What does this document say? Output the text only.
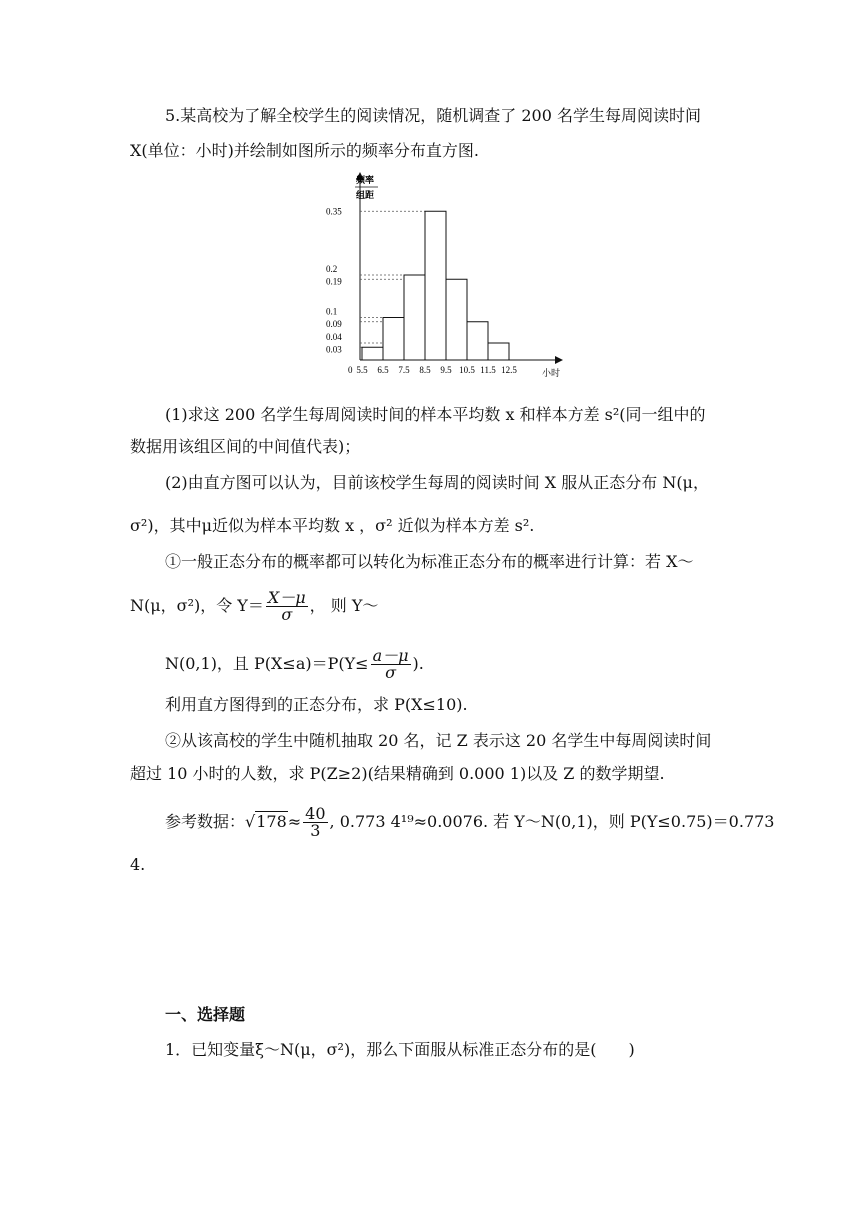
5.某高校为了解全校学生的阅读情况，随机调查了 200 名学生每周阅读时间
X(单位：小时)并绘制如图所示的频率分布直方图.
频率
组距
0.35
0.2
0.19
0.1
0.09
0.04
0.03
0 5.5 6.5 7.5 8.5 9.5 10.5 11.5 12.5	小时
(1)求这 200 名学生每周阅读时间的样本平均数 x 和样本方差 s²(同一组中的
数据用该组区间的中间值代表)；
(2)由直方图可以认为，目前该校学生每周的阅读时间 X 服从正态分布 N(μ，
σ²)，其中μ近似为样本平均数 x ，σ² 近似为样本方差 s².
①一般正态分布的概率都可以转化为标准正态分布的概率进行计算：若 X～
N(μ，σ²)，令 $Y= \frac{X-\mu}{\sigma}$ ， 则 Y～
N(0,1)，且 $P(X\le a)=P(Y\le \frac{a-\mu}{\sigma}$ ).
利用直方图得到的正态分布，求 P(X≤10).
②从该高校的学生中随机抽取 20 名，记 Z 表示这 20 名学生中每周阅读时间
超过 10 小时的人数，求 P(Z≥2)(结果精确到 0.000 1)以及 Z 的数学期望.
参考数据：$√178\approx \frac{40}{3}$ , 0.773 4¹⁹≈0.0076. 若 Y～N(0,1)，则 P(Y≤0.75)＝0.773
4.
一、选择题
1．已知变量ξ～N(μ，σ²)，那么下面服从标准正态分布的是(　　)
